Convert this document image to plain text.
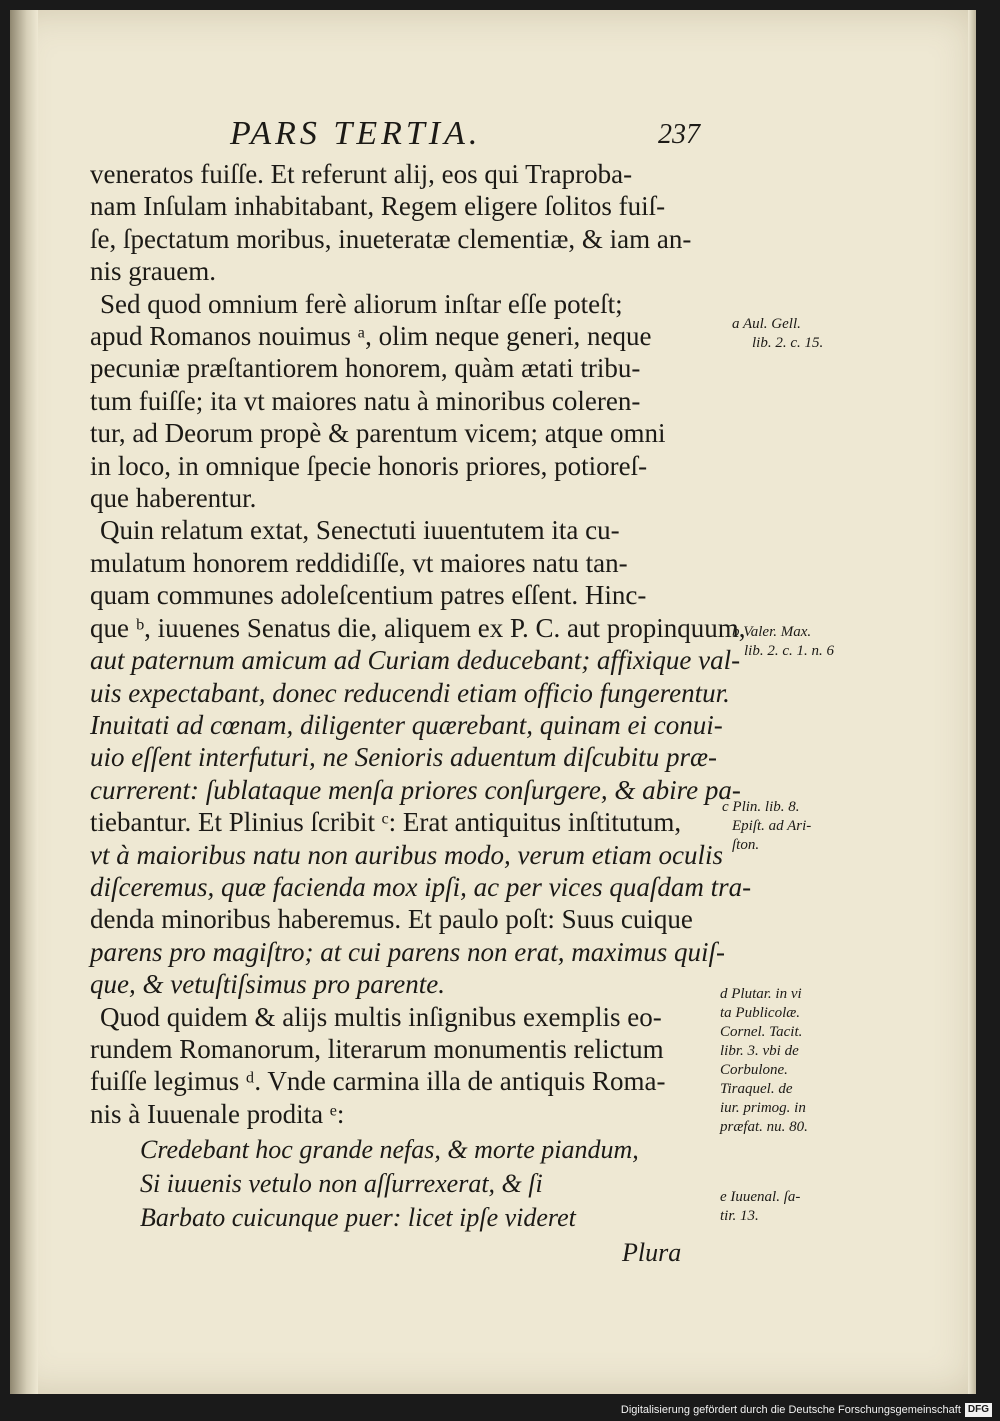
PARS TERTIA.	237

veneratos fuiſſe. Et referunt alij, eos qui Traproba-
nam Inſulam inhabitabant, Regem eligere ſolitos fuiſ-
ſe, ſpectatum moribus, inueteratæ clementiæ, & iam an-
nis grauem.

Sed quod omnium ferè aliorum inſtar eſſe poteſt;
apud Romanos nouimus ᵃ, olim neque generi, neque
pecuniæ præſtantiorem honorem, quàm ætati tribu-
tum fuiſſe; ita vt maiores natu à minoribus coleren-
tur, ad Deorum propè & parentum vicem; atque omni
in loco, in omnique ſpecie honoris priores, potioreſ-
que haberentur.

Quin relatum extat, Senectuti iuuentutem ita cu-
mulatum honorem reddidiſſe, vt maiores natu tan-
quam communes adoleſcentium patres eſſent. Hinc-
que ᵇ, iuuenes Senatus die, aliquem ex P. C. aut propinquum,
aut paternum amicum ad Curiam deducebant; affixique val-
uis expectabant, donec reducendi etiam officio fungerentur.
Inuitati ad cœnam, diligenter quærebant, quinam ei conui-
uio eſſent interfuturi, ne Senioris aduentum diſcubitu præ-
currerent: ſublataque menſa priores conſurgere, & abire pa-
tiebantur. Et Plinius ſcribit ᶜ: Erat antiquitus inſtitutum,
vt à maioribus natu non auribus modo, verum etiam oculis
diſceremus, quæ facienda mox ipſi, ac per vices quaſdam tra-
denda minoribus haberemus. Et paulo poſt: Suus cuique
parens pro magiſtro; at cui parens non erat, maximus quiſ-
que, & vetuſtiſsimus pro parente.

Quod quidem & alijs multis inſignibus exemplis eo-
rundem Romanorum, literarum monumentis relictum
fuiſſe legimus ᵈ. Vnde carmina illa de antiquis Roma-
nis à Iuuenale prodita ᵉ:

Credebant hoc grande nefas, & morte piandum,
Si iuuenis vetulo non aſſurrexerat, & ſi
Barbato cuicunque puer: licet ipſe videret
Plura
a Aul. Gell.
lib. 2. c. 15.
b Valer. Max.
lib. 2. c. 1. n. 6
c Plin. lib. 8.
Epiſt. ad Ari-
ſton.
d Plutar. in vi
ta Publicolæ.
Cornel. Tacit.
libr. 3. vbi de
Corbulone.
Tiraquel. de
iur. primog. in
præfat. nu. 80.
e Iuuenal. ſa-
tir. 13.
Digitalisierung gefördert durch die Deutsche Forschungsgemeinschaft DFG
